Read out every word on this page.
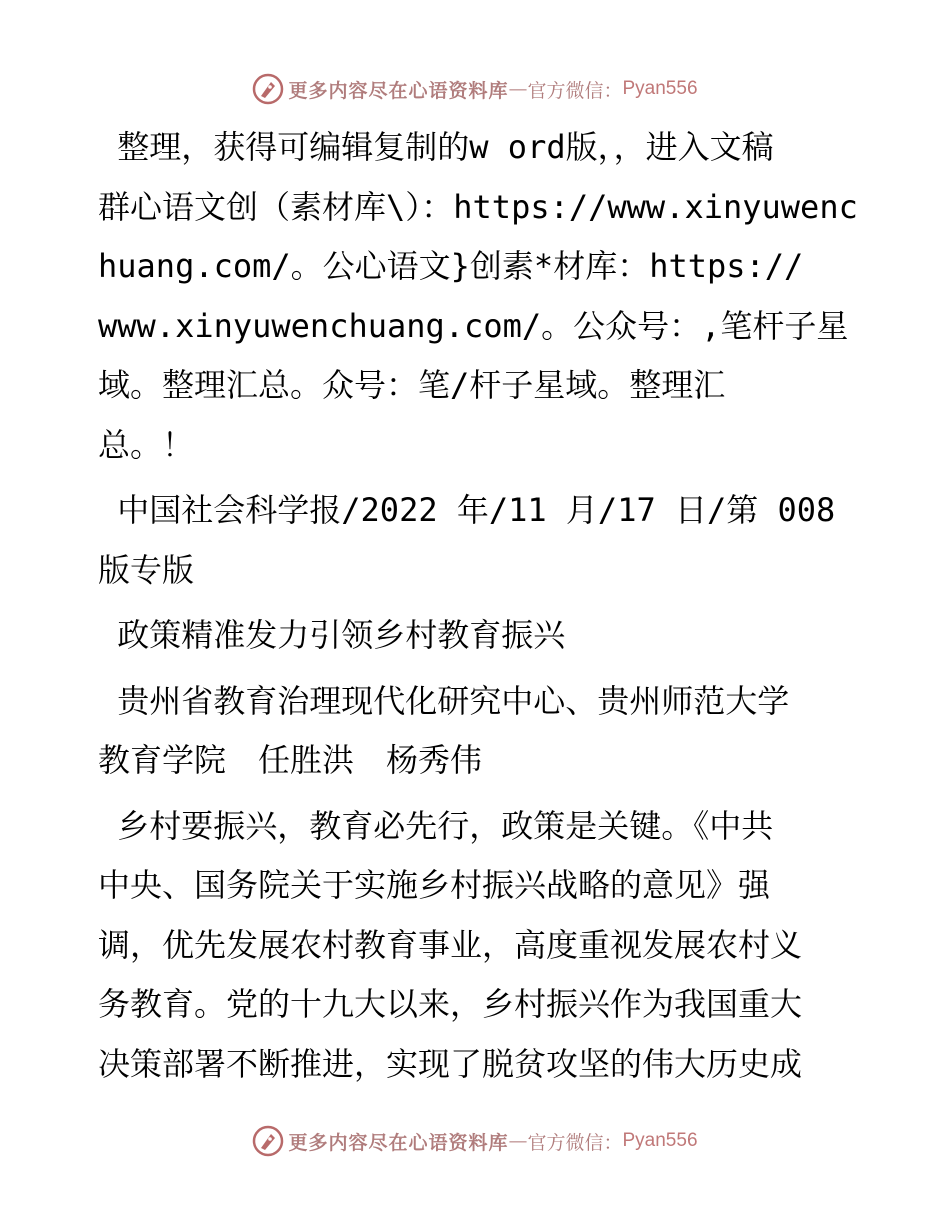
更多内容尽在心语资料库 — 官方微信： Pyan556
整理，获得可编辑复制的w ord版，，进入文稿
群心语文创（素材库\）：https://www.xinyuwenc
huang.com/。公心语文}创素*材库：https://
www.xinyuwenchuang.com/。公众号：,笔杆子星
域。整理汇总。众号：笔/杆子星域。整理汇
总。！
中国社会科学报/2022 年/11 月/17 日/第 008
版专版
政策精准发力引领乡村教育振兴
贵州省教育治理现代化研究中心、贵州师范大学
教育学院　任胜洪　杨秀伟
乡村要振兴，教育必先行，政策是关键。《中共
中央、国务院关于实施乡村振兴战略的意见》强
调，优先发展农村教育事业，高度重视发展农村义
务教育。党的十九大以来，乡村振兴作为我国重大
决策部署不断推进，实现了脱贫攻坚的伟大历史成
更多内容尽在心语资料库 — 官方微信： Pyan556
